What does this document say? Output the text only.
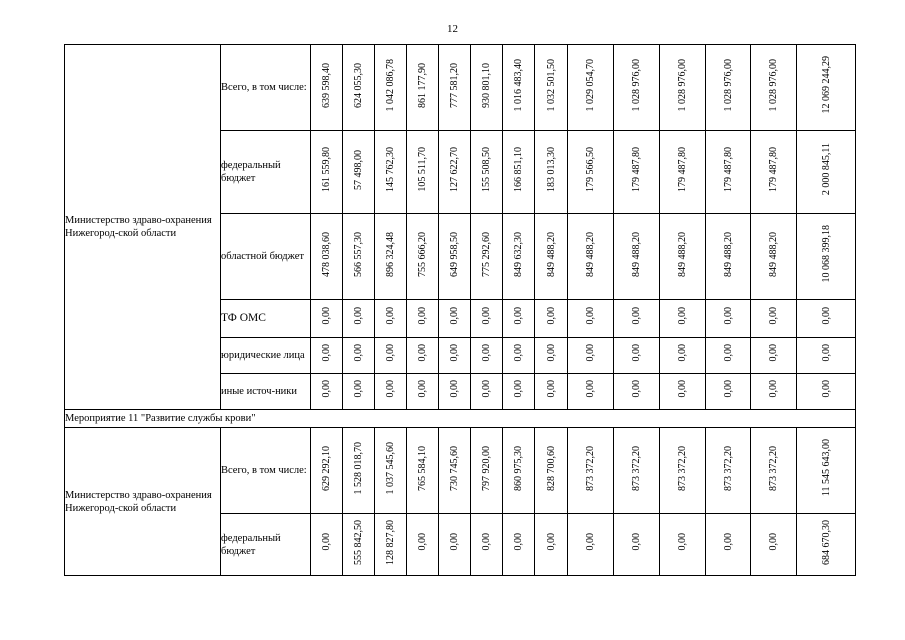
12
Министерство здраво-охранения Нижегород-ской области	Всего, в том числе:	639 598,40	624 055,30	1 042 086,78	861 177,90	777 581,20	930 801,10	1 016 483,40	1 032 501,50	1 029 054,70	1 028 976,00	1 028 976,00	1 028 976,00	1 028 976,00	12 069 244,29
	федеральный бюджет	161 559,80	57 498,00	145 762,30	105 511,70	127 622,70	155 508,50	166 851,10	183 013,30	179 566,50	179 487,80	179 487,80	179 487,80	179 487,80	2 000 845,11
	областной бюджет	478 038,60	566 557,30	896 324,48	755 666,20	649 958,50	775 292,60	849 632,30	849 488,20	849 488,20	849 488,20	849 488,20	849 488,20	849 488,20	10 068 399,18
	ТФ ОМС	0,00	0,00	0,00	0,00	0,00	0,00	0,00	0,00	0,00	0,00	0,00	0,00	0,00	0,00
	юридические лица	0,00	0,00	0,00	0,00	0,00	0,00	0,00	0,00	0,00	0,00	0,00	0,00	0,00	0,00
	иные источ-ники	0,00	0,00	0,00	0,00	0,00	0,00	0,00	0,00	0,00	0,00	0,00	0,00	0,00	0,00
Мероприятие 11 "Развитие службы крови"															
Министерство здраво-охранения Нижегород-ской области	Всего, в том числе:	629 292,10	1 528 018,70	1 037 545,60	765 584,10	730 745,60	797 920,00	860 975,30	828 700,60	873 372,20	873 372,20	873 372,20	873 372,20	873 372,20	11 545 643,00
	федеральный бюджет	0,00	555 842,50	128 827,80	0,00	0,00	0,00	0,00	0,00	0,00	0,00	0,00	0,00	0,00	684 670,30
